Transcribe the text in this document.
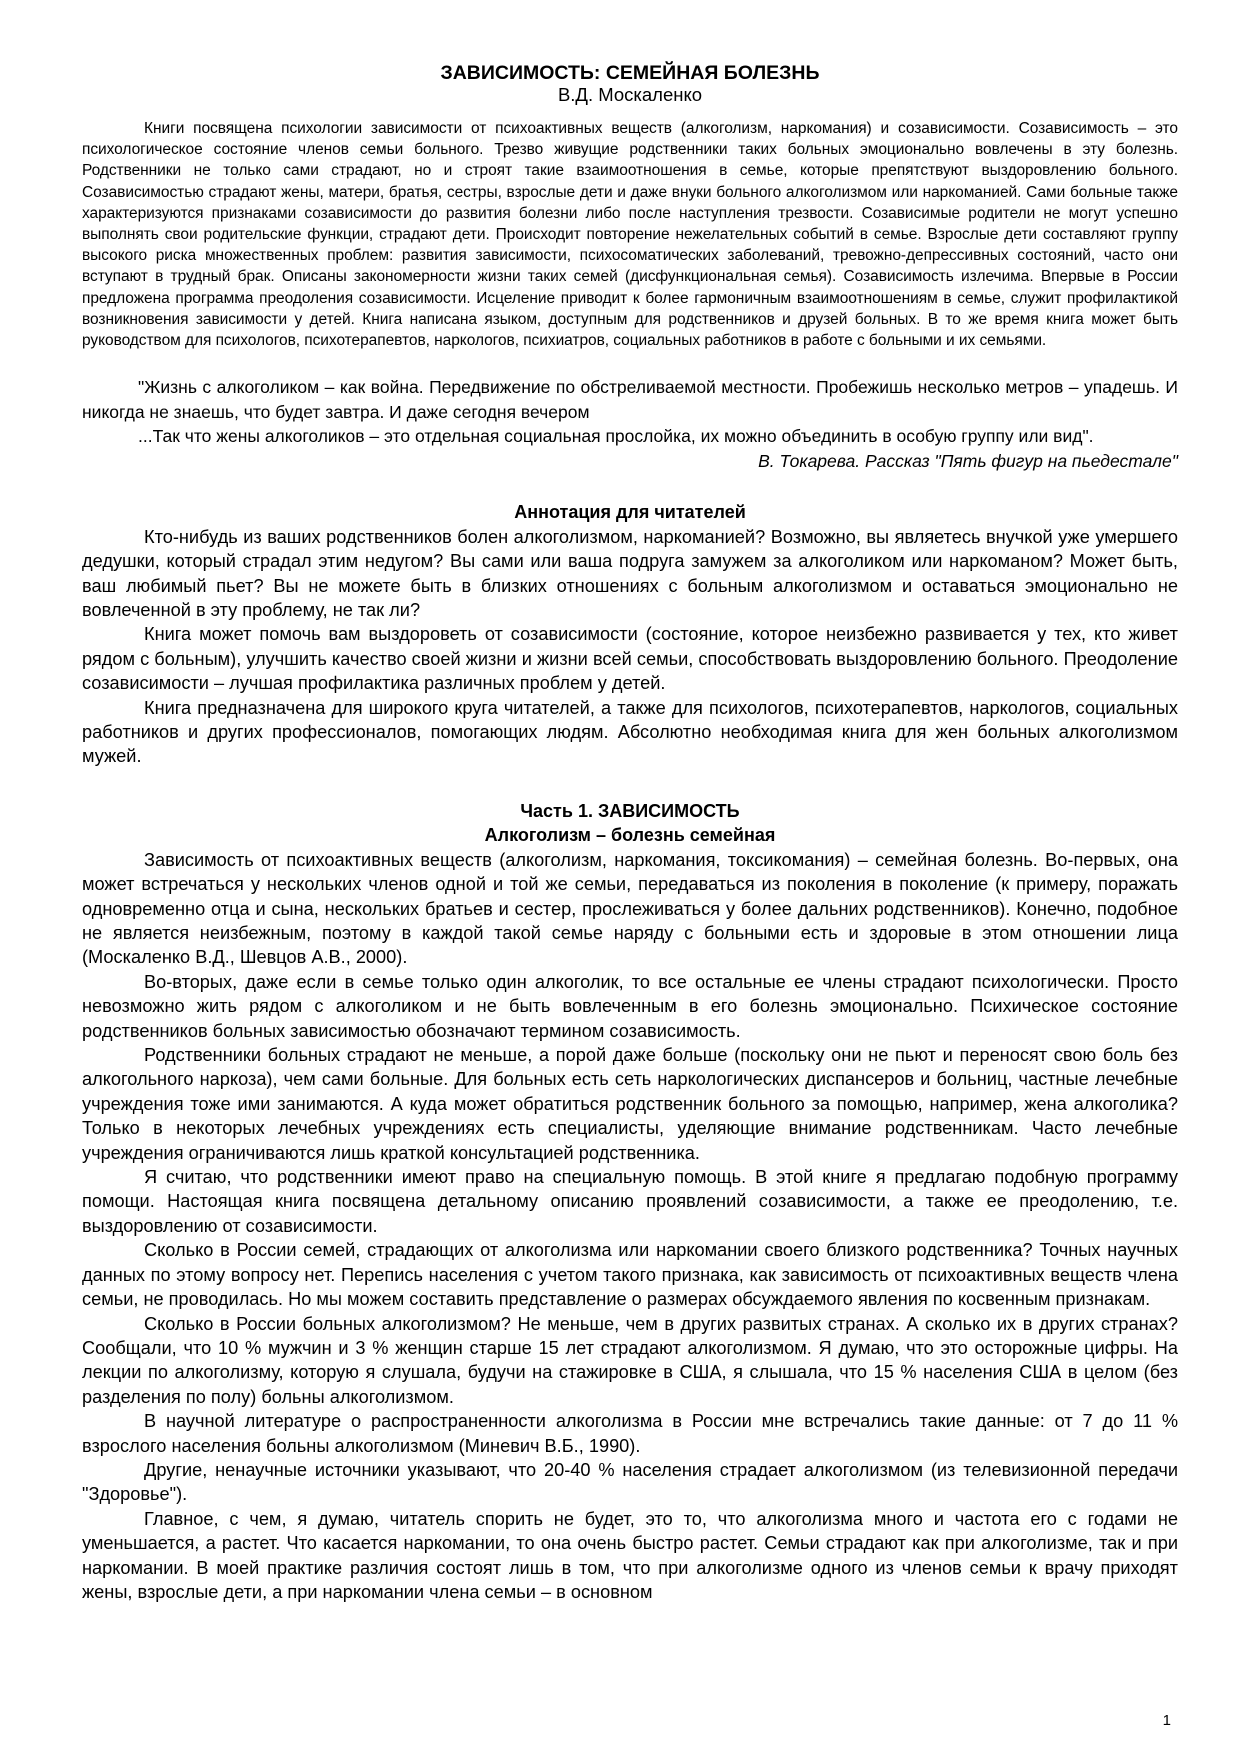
ЗАВИСИМОСТЬ: СЕМЕЙНАЯ БОЛЕЗНЬ
В.Д. Москаленко

Книги посвящена психологии зависимости от психоактивных веществ (алкоголизм, наркомания) и созависимости. Созависимость – это психологическое состояние членов семьи больного. Трезво живущие родственники таких больных эмоционально вовлечены в эту болезнь. Родственники не только сами страдают, но и строят такие взаимоотношения в семье, которые препятствуют выздоровлению больного. Созависимостью страдают жены, матери, братья, сестры, взрослые дети и даже внуки больного алкоголизмом или наркоманией. Сами больные также характеризуются признаками созависимости до развития болезни либо после наступления трезвости. Созависимые родители не могут успешно выполнять свои родительские функции, страдают дети. Происходит повторение нежелательных событий в семье. Взрослые дети составляют группу высокого риска множественных проблем: развития зависимости, психосоматических заболеваний, тревожно-депрессивных состояний, часто они вступают в трудный брак. Описаны закономерности жизни таких семей (дисфункциональная семья). Созависимость излечима. Впервые в России предложена программа преодоления созависимости. Исцеление приводит к более гармоничным взаимоотношениям в семье, служит профилактикой возникновения зависимости у детей. Книга написана языком, доступным для родственников и друзей больных. В то же время книга может быть руководством для психологов, психотерапевтов, наркологов, психиатров, социальных работников в работе с больными и их семьями.

"Жизнь с алкоголиком – как война. Передвижение по обстреливаемой местности. Пробежишь несколько метров – упадешь. И никогда не знаешь, что будет завтра. И даже сегодня вечером

...Так что жены алкоголиков – это отдельная социальная прослойка, их можно объединить в особую группу или вид".

В. Токарева. Рассказ "Пять фигур на пьедестале"

Аннотация для читателей

Кто-нибудь из ваших родственников болен алкоголизмом, наркоманией? Возможно, вы являетесь внучкой уже умершего дедушки, который страдал этим недугом? Вы сами или ваша подруга замужем за алкоголиком или наркоманом? Может быть, ваш любимый пьет? Вы не можете быть в близких отношениях с больным алкоголизмом и оставаться эмоционально не вовлеченной в эту проблему, не так ли?

Книга может помочь вам выздороветь от созависимости (состояние, которое неизбежно развивается у тех, кто живет рядом с больным), улучшить качество своей жизни и жизни всей семьи, способствовать выздоровлению больного. Преодоление созависимости – лучшая профилактика различных проблем у детей.

Книга предназначена для широкого круга читателей, а также для психологов, психотерапевтов, наркологов, социальных работников и других профессионалов, помогающих людям. Абсолютно необходимая книга для жен больных алкоголизмом мужей.

Часть 1. ЗАВИСИМОСТЬ
Алкоголизм – болезнь семейная

Зависимость от психоактивных веществ (алкоголизм, наркомания, токсикомания) – семейная болезнь. Во-первых, она может встречаться у нескольких членов одной и той же семьи, передаваться из поколения в поколение (к примеру, поражать одновременно отца и сына, нескольких братьев и сестер, прослеживаться у более дальних родственников). Конечно, подобное не является неизбежным, поэтому в каждой такой семье наряду с больными есть и здоровые в этом отношении лица (Москаленко В.Д., Шевцов А.В., 2000).

Во-вторых, даже если в семье только один алкоголик, то все остальные ее члены страдают психологически. Просто невозможно жить рядом с алкоголиком и не быть вовлеченным в его болезнь эмоционально. Психическое состояние родственников больных зависимостью обозначают термином созависимость.

Родственники больных страдают не меньше, а порой даже больше (поскольку они не пьют и переносят свою боль без алкогольного наркоза), чем сами больные. Для больных есть сеть наркологических диспансеров и больниц, частные лечебные учреждения тоже ими занимаются. А куда может обратиться родственник больного за помощью, например, жена алкоголика? Только в некоторых лечебных учреждениях есть специалисты, уделяющие внимание родственникам. Часто лечебные учреждения ограничиваются лишь краткой консультацией родственника.

Я считаю, что родственники имеют право на специальную помощь. В этой книге я предлагаю подобную программу помощи. Настоящая книга посвящена детальному описанию проявлений созависимости, а также ее преодолению, т.е. выздоровлению от созависимости.

Сколько в России семей, страдающих от алкоголизма или наркомании своего близкого родственника? Точных научных данных по этому вопросу нет. Перепись населения с учетом такого признака, как зависимость от психоактивных веществ члена семьи, не проводилась. Но мы можем составить представление о размерах обсуждаемого явления по косвенным признакам.

Сколько в России больных алкоголизмом? Не меньше, чем в других развитых странах. А сколько их в других странах? Сообщали, что 10 % мужчин и 3 % женщин старше 15 лет страдают алкоголизмом. Я думаю, что это осторожные цифры. На лекции по алкоголизму, которую я слушала, будучи на стажировке в США, я слышала, что 15 % населения США в целом (без разделения по полу) больны алкоголизмом.

В научной литературе о распространенности алкоголизма в России мне встречались такие данные: от 7 до 11 % взрослого населения больны алкоголизмом (Миневич В.Б., 1990).

Другие, ненаучные источники указывают, что 20-40 % населения страдает алкоголизмом (из телевизионной передачи "Здоровье").

Главное, с чем, я думаю, читатель спорить не будет, это то, что алкоголизма много и частота его с годами не уменьшается, а растет. Что касается наркомании, то она очень быстро растет. Семьи страдают как при алкоголизме, так и при наркомании. В моей практике различия состоят лишь в том, что при алкоголизме одного из членов семьи к врачу приходят жены, взрослые дети, а при наркомании члена семьи – в основном

1
